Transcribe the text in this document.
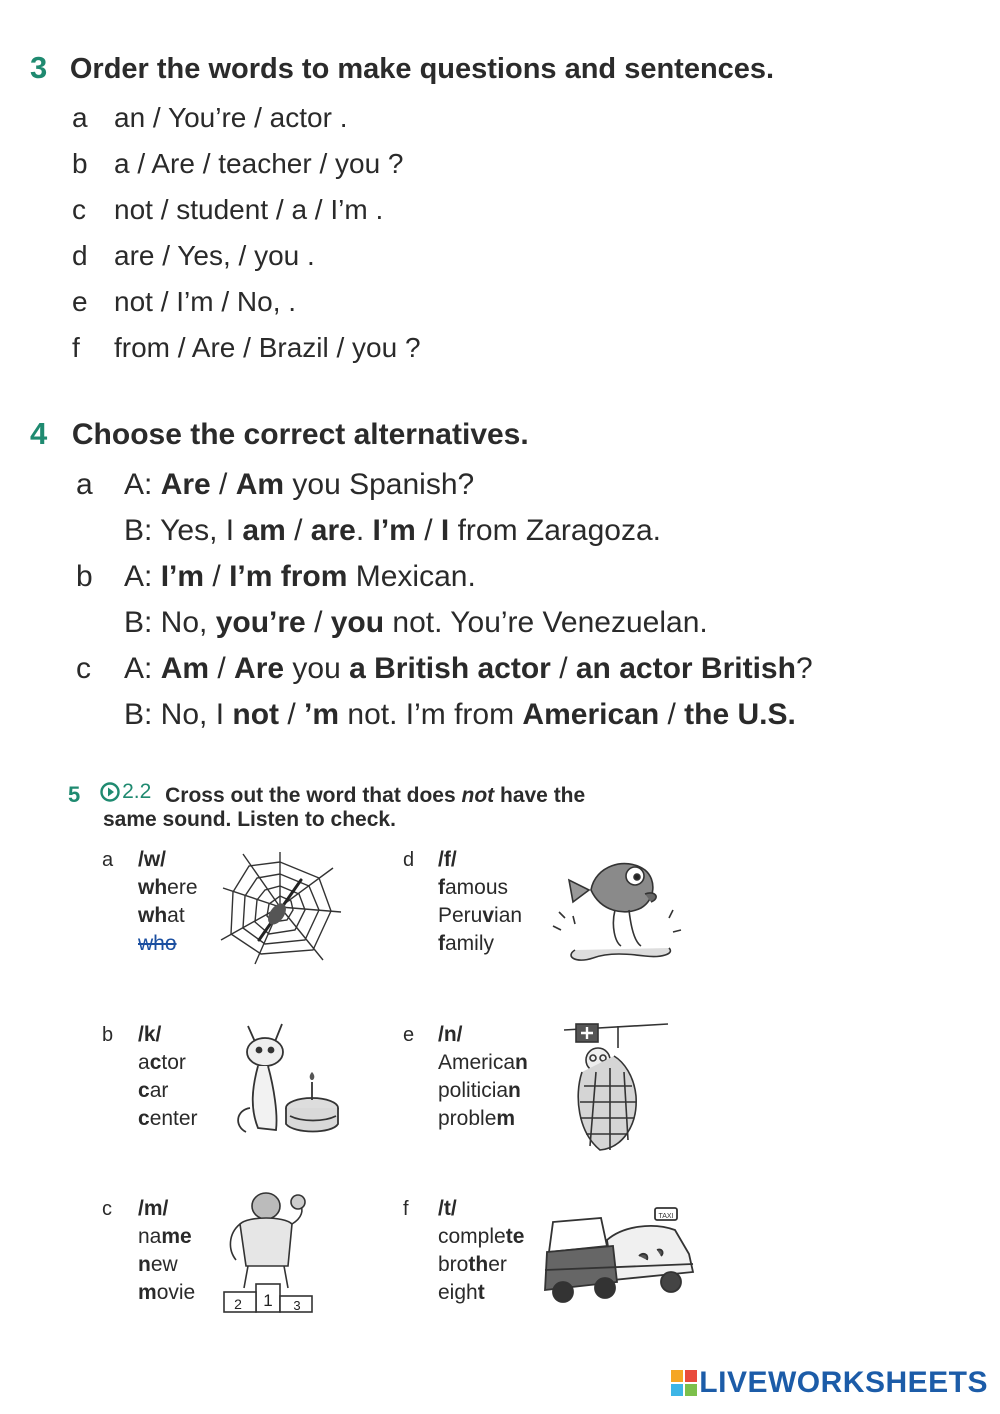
3 Order the words to make questions and sentences.
a an / You’re / actor .
b a / Are / teacher / you ?
c not / student / a / I’m .
d are / Yes, / you .
e not / I’m / No, .
f from / Are / Brazil / you ?
4 Choose the correct alternatives.
a A: Are / Am you Spanish?
B: Yes, I am / are. I’m / I from Zaragoza.
b A: I’m / I’m from Mexican.
B: No, you’re / you not. You’re Venezuelan.
c A: Am / Are you a British actor / an actor British?
B: No, I not / ’m not. I’m from American / the U.S.
5 2.2 Cross out the word that does not have the
same sound. Listen to check.
a /w/
where
what
who
b /k/
actor
car
center
c /m/
name
new
movie
d /f/
famous
Peruvian
family
e /n/
American
politician
problem
f /t/
complete
brother
eight
1
2	3
TAXI
LIVEWORKSHEETS
